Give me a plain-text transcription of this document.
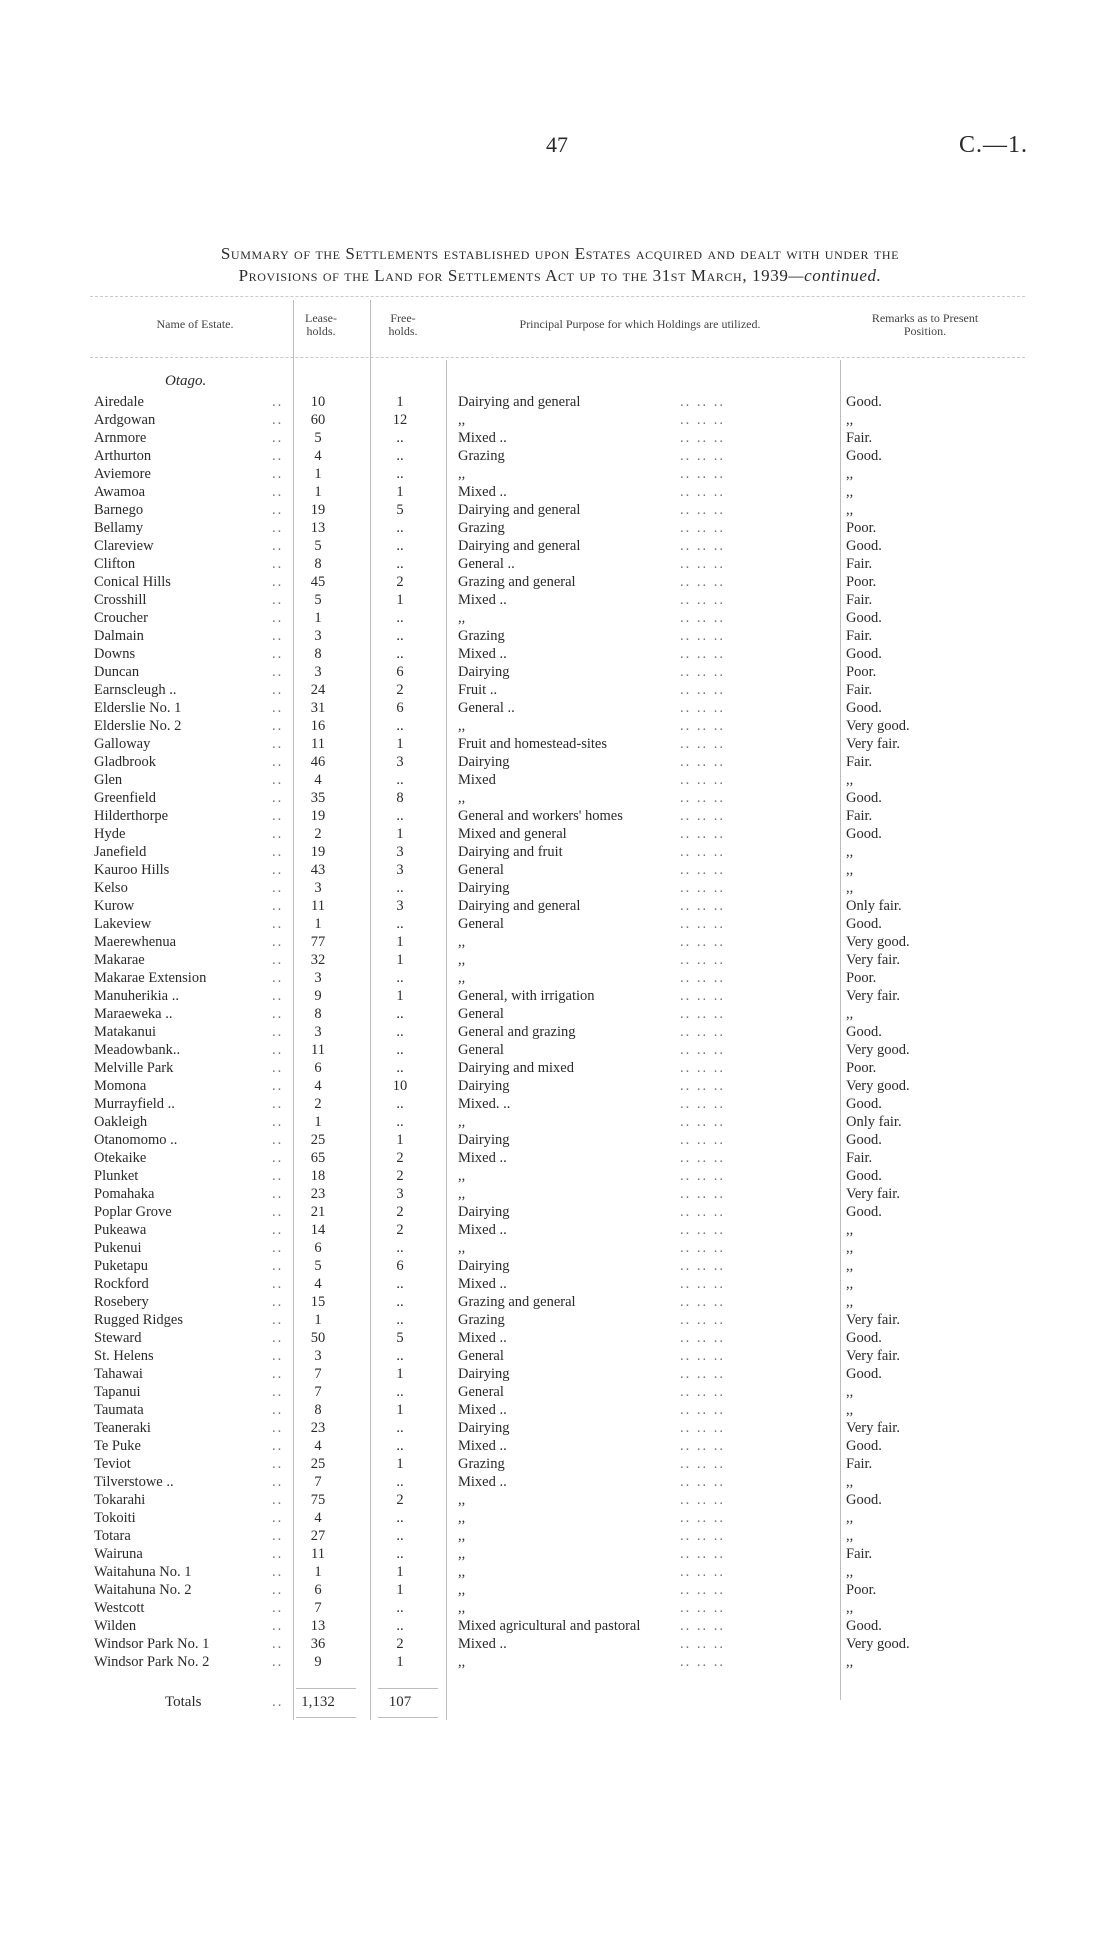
47	C.—1.
Summary of the Settlements established upon Estates acquired and dealt with under the
Provisions of the Land for Settlements Act up to the 31st March, 1939—continued.
Name of Estate.	Lease-holds.
Free-holds.	Principal Purpose for which Holdings are utilized.	Remarks as to Present Position.
Otago.
Airedale	..	10	1	Dairying and general	.. .. ..	Good.
Ardgowan	..	60	12	,,	.. .. ..	,,
Arnmore	..	5	..	Mixed ..	.. .. ..	Fair.
Arthurton	..	4	..	Grazing	.. .. ..	Good.
Aviemore	..	1	..	,,	.. .. ..	,,
Awamoa	..	1	1	Mixed ..	.. .. ..	,,
Barnego	..	19	5	Dairying and general	.. .. ..	,,
Bellamy	..	13	..	Grazing	.. .. ..	Poor.
Clareview	..	5	..	Dairying and general	.. .. ..	Good.
Clifton	..	8	..	General ..	.. .. ..	Fair.
Conical Hills	..	45	2	Grazing and general	.. .. ..	Poor.
Crosshill	..	5	1	Mixed ..	.. .. ..	Fair.
Croucher	..	1	..	,,	.. .. ..	Good.
Dalmain	..	3	..	Grazing	.. .. ..	Fair.
Downs	..	8	..	Mixed ..	.. .. ..	Good.
Duncan	..	3	6	Dairying	.. .. ..	Poor.
Earnscleugh ..	..	24	2	Fruit ..	.. .. ..	Fair.
Elderslie No. 1	..	31	6	General ..	.. .. ..	Good.
Elderslie No. 2	..	16	..	,,	.. .. ..	Very good.
Galloway	..	11	1	Fruit and homestead-sites	.. .. ..	Very fair.
Gladbrook	..	46	3	Dairying	.. .. ..	Fair.
Glen	..	4	..	Mixed	.. .. ..	,,
Greenfield	..	35	8	,,	.. .. ..	Good.
Hilderthorpe	..	19	..	General and workers' homes	.. .. ..	Fair.
Hyde	..	2	1	Mixed and general	.. .. ..	Good.
Janefield	..	19	3	Dairying and fruit	.. .. ..	,,
Kauroo Hills	..	43	3	General	.. .. ..	,,
Kelso	..	3	..	Dairying	.. .. ..	,,
Kurow	..	11	3	Dairying and general	.. .. ..	Only fair.
Lakeview	..	1	..	General	.. .. ..	Good.
Maerewhenua	..	77	1	,,	.. .. ..	Very good.
Makarae	..	32	1	,,	.. .. ..	Very fair.
Makarae Extension	..	3	..	,,	.. .. ..	Poor.
Manuherikia ..	..	9	1	General, with irrigation	.. .. ..	Very fair.
Maraeweka ..	..	8	..	General	.. .. ..	,,
Matakanui	..	3	..	General and grazing	.. .. ..	Good.
Meadowbank..	..	11	..	General	.. .. ..	Very good.
Melville Park	..	6	..	Dairying and mixed	.. .. ..	Poor.
Momona	..	4	10	Dairying	.. .. ..	Very good.
Murrayfield ..	..	2	..	Mixed. ..	.. .. ..	Good.
Oakleigh	..	1	..	,,	.. .. ..	Only fair.
Otanomomo ..	..	25	1	Dairying	.. .. ..	Good.
Otekaike	..	65	2	Mixed ..	.. .. ..	Fair.
Plunket	..	18	2	,,	.. .. ..	Good.
Pomahaka	..	23	3	,,	.. .. ..	Very fair.
Poplar Grove	..	21	2	Dairying	.. .. ..	Good.
Pukeawa	..	14	2	Mixed ..	.. .. ..	,,
Pukenui	..	6	..	,,	.. .. ..	,,
Puketapu	..	5	6	Dairying	.. .. ..	,,
Rockford	..	4	..	Mixed ..	.. .. ..	,,
Rosebery	..	15	..	Grazing and general	.. .. ..	,,
Rugged Ridges	..	1	..	Grazing	.. .. ..	Very fair.
Steward	..	50	5	Mixed ..	.. .. ..	Good.
St. Helens	..	3	..	General	.. .. ..	Very fair.
Tahawai	..	7	1	Dairying	.. .. ..	Good.
Tapanui	..	7	..	General	.. .. ..	,,
Taumata	..	8	1	Mixed ..	.. .. ..	,,
Teaneraki	..	23	..	Dairying	.. .. ..	Very fair.
Te Puke	..	4	..	Mixed ..	.. .. ..	Good.
Teviot	..	25	1	Grazing	.. .. ..	Fair.
Tilverstowe ..	..	7	..	Mixed ..	.. .. ..	,,
Tokarahi	..	75	2	,,	.. .. ..	Good.
Tokoiti	..	4	..	,,	.. .. ..	,,
Totara	..	27	..	,,	.. .. ..	,,
Wairuna	..	11	..	,,	.. .. ..	Fair.
Waitahuna No. 1	..	1	1	,,	.. .. ..	,,
Waitahuna No. 2	..	6	1	,,	.. .. ..	Poor.
Westcott	..	7	..	,,	.. .. ..	,,
Wilden	..	13	..	Mixed agricultural and pastoral	.. .. ..	Good.
Windsor Park No. 1	..	36	2	Mixed ..	.. .. ..	Very good.
Windsor Park No. 2	..	9	1	,,	.. .. ..	,,
Totals	..	1,132	107
